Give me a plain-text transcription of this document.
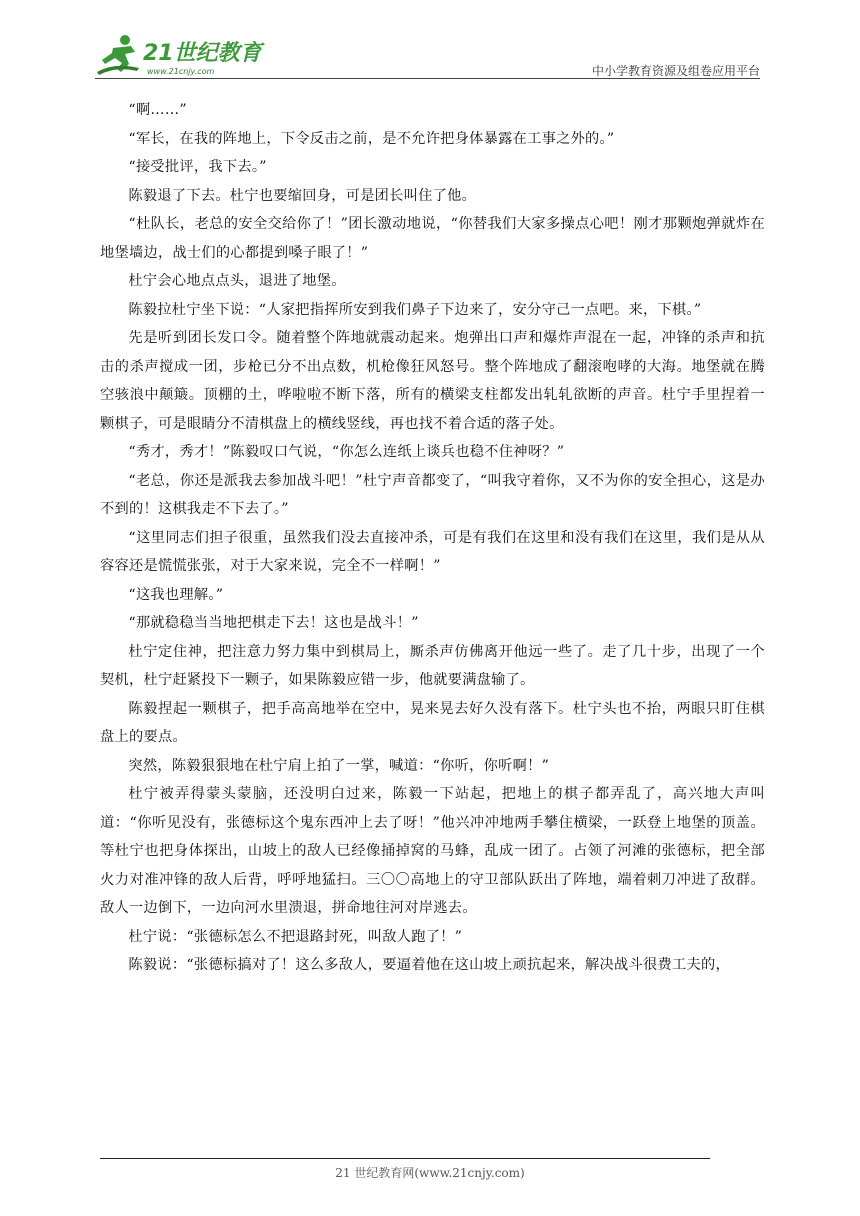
21世纪教育
www.21cnjy.com	中小学教育资源及组卷应用平台

“啊……”

“军长，在我的阵地上，下令反击之前，是不允许把身体暴露在工事之外的。”

“接受批评，我下去。”

陈毅退了下去。杜宁也要缩回身，可是团长叫住了他。

“杜队长，老总的安全交给你了！”团长激动地说，“你替我们大家多操点心吧！刚才那颗炮弹就炸在地堡墙边，战士们的心都提到嗓子眼了！”

杜宁会心地点点头，退进了地堡。

陈毅拉杜宁坐下说：“人家把指挥所安到我们鼻子下边来了，安分守己一点吧。来，下棋。”

先是听到团长发口令。随着整个阵地就震动起来。炮弹出口声和爆炸声混在一起，冲锋的杀声和抗击的杀声搅成一团，步枪已分不出点数，机枪像狂风怒号。整个阵地成了翻滚咆哮的大海。地堡就在腾空骇浪中颠簸。顶棚的土，哗啦啦不断下落，所有的横梁支柱都发出轧轧欲断的声音。杜宁手里捏着一颗棋子，可是眼睛分不清棋盘上的横线竖线，再也找不着合适的落子处。

“秀才，秀才！”陈毅叹口气说，“你怎么连纸上谈兵也稳不住神呀？”

“老总，你还是派我去参加战斗吧！”杜宁声音都变了，“叫我守着你，又不为你的安全担心，这是办不到的！这棋我走不下去了。”

“这里同志们担子很重，虽然我们没去直接冲杀，可是有我们在这里和没有我们在这里，我们是从从容容还是慌慌张张，对于大家来说，完全不一样啊！”

“这我也理解。”

“那就稳稳当当地把棋走下去！这也是战斗！”

杜宁定住神，把注意力努力集中到棋局上，厮杀声仿佛离开他远一些了。走了几十步，出现了一个契机，杜宁赶紧投下一颗子，如果陈毅应错一步，他就要满盘输了。

陈毅捏起一颗棋子，把手高高地举在空中，晃来晃去好久没有落下。杜宁头也不抬，两眼只盯住棋盘上的要点。

突然，陈毅狠狠地在杜宁肩上拍了一掌，喊道：“你听，你听啊！”

杜宁被弄得蒙头蒙脑，还没明白过来，陈毅一下站起，把地上的棋子都弄乱了，高兴地大声叫道：“你听见没有，张德标这个鬼东西冲上去了呀！”他兴冲冲地两手攀住横梁，一跃登上地堡的顶盖。等杜宁也把身体探出，山坡上的敌人已经像捅掉窝的马蜂，乱成一团了。占领了河滩的张德标，把全部火力对准冲锋的敌人后背，呼呼地猛扫。三〇〇高地上的守卫部队跃出了阵地，端着刺刀冲进了敌群。敌人一边倒下，一边向河水里溃退，拼命地往河对岸逃去。

杜宁说：“张德标怎么不把退路封死，叫敌人跑了！”

陈毅说：“张德标搞对了！这么多敌人，要逼着他在这山坡上顽抗起来，解决战斗很费工夫的，

21 世纪教育网(www.21cnjy.com)
